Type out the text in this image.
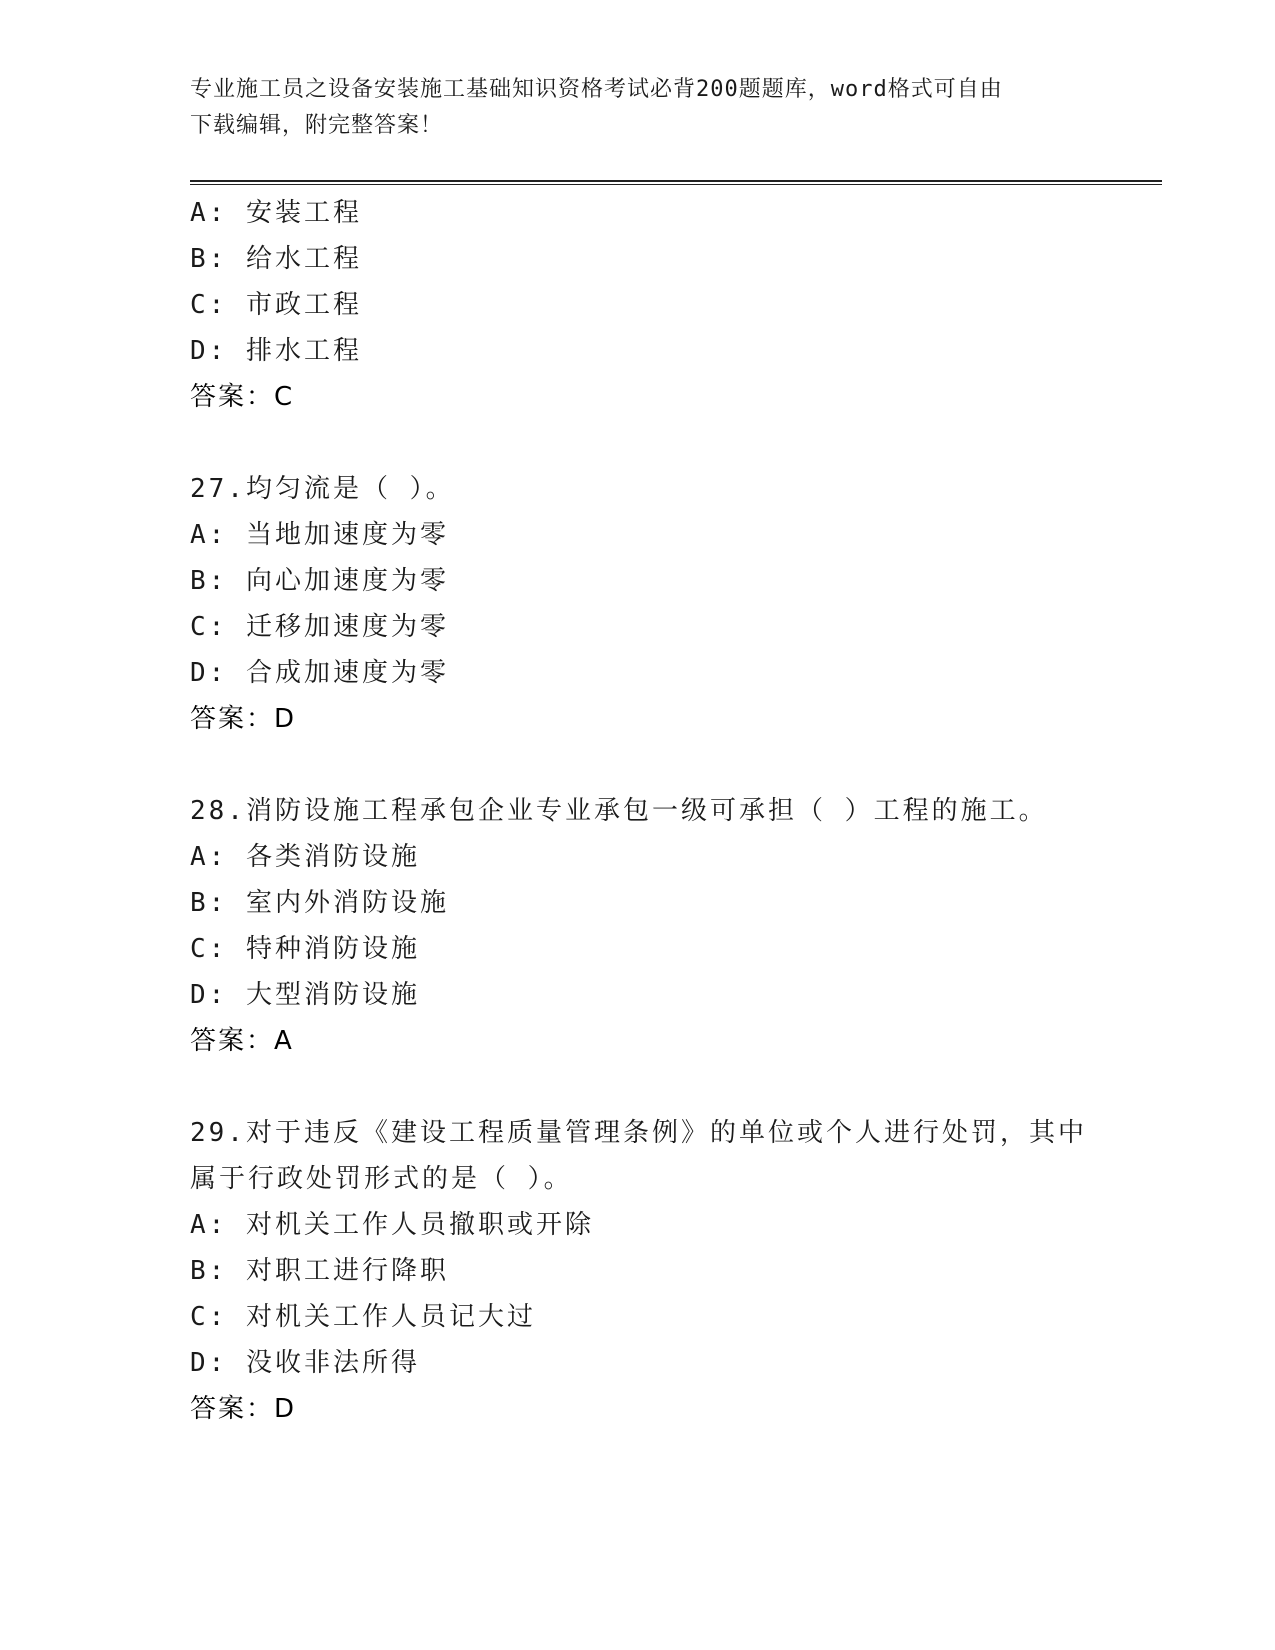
专业施工员之设备安装施工基础知识资格考试必背200题题库，word格式可自由
下载编辑，附完整答案！
A: 安装工程
B: 给水工程
C: 市政工程
D: 排水工程
答案：C
27.均匀流是（ ）。
A: 当地加速度为零
B: 向心加速度为零
C: 迁移加速度为零
D: 合成加速度为零
答案：D
28.消防设施工程承包企业专业承包一级可承担（ ）工程的施工。
A: 各类消防设施
B: 室内外消防设施
C: 特种消防设施
D: 大型消防设施
答案：A
29.对于违反《建设工程质量管理条例》的单位或个人进行处罚，其中
属于行政处罚形式的是（ ）。
A: 对机关工作人员撤职或开除
B: 对职工进行降职
C: 对机关工作人员记大过
D: 没收非法所得
答案：D
